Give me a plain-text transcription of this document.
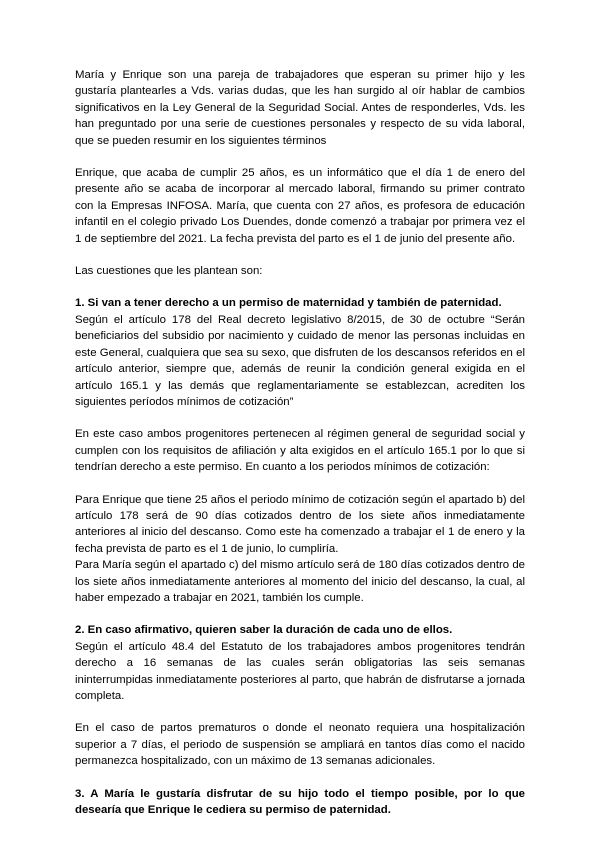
María y Enrique son una pareja de trabajadores que esperan su primer hijo y les gustaría plantearles a Vds. varias dudas, que les han surgido al oír hablar de cambios significativos en la Ley General de la Seguridad Social. Antes de responderles, Vds. les han preguntado por una serie de cuestiones personales y respecto de su vida laboral, que se pueden resumir en los siguientes términos

Enrique, que acaba de cumplir 25 años, es un informático que el día 1 de enero del presente año se acaba de incorporar al mercado laboral, firmando su primer contrato con la Empresas INFOSA. María, que cuenta con 27 años, es profesora de educación infantil en el colegio privado Los Duendes, donde comenzó a trabajar por primera vez el 1 de septiembre del 2021. La fecha prevista del parto es el 1 de junio del presente año.

Las cuestiones que les plantean son:

1. Si van a tener derecho a un permiso de maternidad y también de paternidad.

Según el artículo 178 del Real decreto legislativo 8/2015, de 30 de octubre “Serán beneficiarios del subsidio por nacimiento y cuidado de menor las personas incluidas en este General, cualquiera que sea su sexo, que disfruten de los descansos referidos en el artículo anterior, siempre que, además de reunir la condición general exigida en el artículo 165.1 y las demás que reglamentariamente se establezcan, acrediten los siguientes períodos mínimos de cotización”

En este caso ambos progenitores pertenecen al régimen general de seguridad social y cumplen con los requisitos de afiliación y alta exigidos en el artículo 165.1 por lo que si tendrían derecho a este permiso. En cuanto a los periodos mínimos de cotización:

Para Enrique que tiene 25 años el periodo mínimo de cotización según el apartado b) del artículo 178 será de 90 días cotizados dentro de los siete años inmediatamente anteriores al inicio del descanso. Como este ha comenzado a trabajar el 1 de enero y la fecha prevista de parto es el 1 de junio, lo cumpliría.

Para María según el apartado c) del mismo artículo será de 180 días cotizados dentro de los siete años inmediatamente anteriores al momento del inicio del descanso, la cual, al haber empezado a trabajar en 2021, también los cumple.

2. En caso afirmativo, quieren saber la duración de cada uno de ellos.

Según el artículo 48.4 del Estatuto de los trabajadores ambos progenitores tendrán derecho a 16 semanas de las cuales serán obligatorias las seis semanas ininterrumpidas inmediatamente posteriores al parto, que habrán de disfrutarse a jornada completa.

En el caso de partos prematuros o donde el neonato requiera una hospitalización superior a 7 días, el periodo de suspensión se ampliará en tantos días como el nacido permanezca hospitalizado, con un máximo de 13 semanas adicionales.

3. A María le gustaría disfrutar de su hijo todo el tiempo posible, por lo que desearía que Enrique le cediera su permiso de paternidad.
